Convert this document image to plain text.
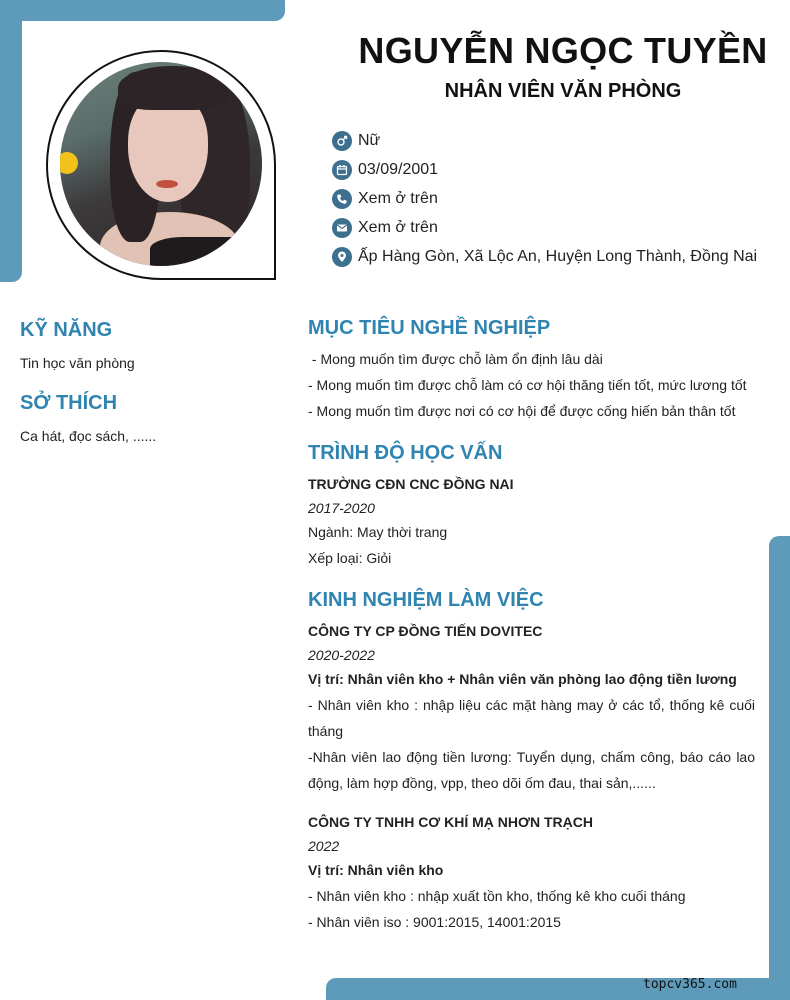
NGUYỄN NGỌC TUYỀN
NHÂN VIÊN VĂN PHÒNG
Nữ
03/09/2001
Xem ở trên
Xem ở trên
Ấp Hàng Gòn, Xã Lộc An, Huyện Long Thành, Đồng Nai
KỸ NĂNG
Tin học văn phòng
SỞ THÍCH
Ca hát, đọc sách, ......
MỤC TIÊU NGHỀ NGHIỆP
- Mong muốn tìm được chỗ làm ổn định lâu dài
- Mong muốn tìm được chỗ làm có cơ hội thăng tiến tốt, mức lương tốt
- Mong muốn tìm được nơi có cơ hội để được cống hiến bản thân tốt
TRÌNH ĐỘ HỌC VẤN
TRƯỜNG CĐN CNC ĐỒNG NAI
2017-2020
Ngành: May thời trang
Xếp loại: Giỏi
KINH NGHIỆM LÀM VIỆC
CÔNG TY CP ĐỒNG TIẾN DOVITEC
2020-2022
Vị trí: Nhân viên kho + Nhân viên văn phòng lao động tiền lương
- Nhân viên kho : nhập liệu các mặt hàng may ở các tổ, thống kê cuối tháng
-Nhân viên lao động tiền lương: Tuyển dụng, chấm công, báo cáo lao động, làm hợp đồng, vpp, theo dõi ốm đau, thai sản,......
CÔNG TY TNHH CƠ KHÍ MẠ NHƠN TRẠCH
2022
Vị trí: Nhân viên kho
- Nhân viên kho : nhập xuất tồn kho, thống kê kho cuối tháng
- Nhân viên iso : 9001:2015, 14001:2015
topcv365.com
